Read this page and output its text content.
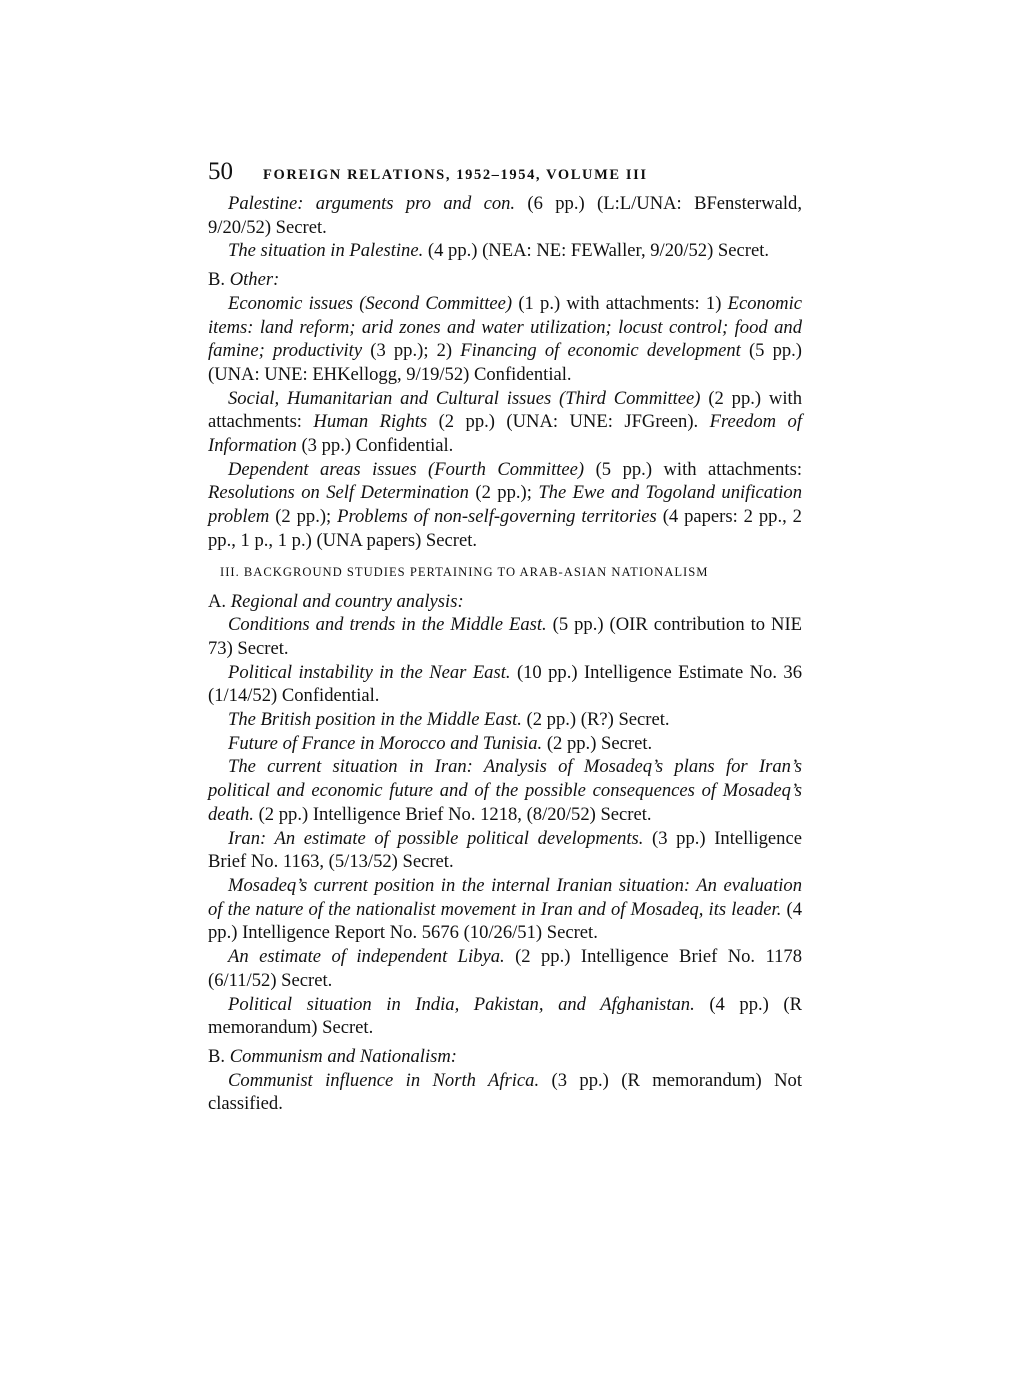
50	FOREIGN RELATIONS, 1952–1954, VOLUME III

Palestine: arguments pro and con. (6 pp.) (L:L/UNA: BFensterwald, 9/20/52) Secret.

The situation in Palestine. (4 pp.) (NEA: NE: FEWaller, 9/20/52) Secret.

B. Other:

Economic issues (Second Committee) (1 p.) with attachments: 1) Economic items: land reform; arid zones and water utilization; locust control; food and famine; productivity (3 pp.); 2) Financing of economic development (5 pp.) (UNA: UNE: EHKellogg, 9/19/52) Confidential.

Social, Humanitarian and Cultural issues (Third Committee) (2 pp.) with attachments: Human Rights (2 pp.) (UNA: UNE: JFGreen). Freedom of Information (3 pp.) Confidential.

Dependent areas issues (Fourth Committee) (5 pp.) with attachments: Resolutions on Self Determination (2 pp.); The Ewe and Togoland unification problem (2 pp.); Problems of non-self-governing territories (4 papers: 2 pp., 2 pp., 1 p., 1 p.) (UNA papers) Secret.

III. BACKGROUND STUDIES PERTAINING TO ARAB-ASIAN NATIONALISM

A. Regional and country analysis:

Conditions and trends in the Middle East. (5 pp.) (OIR contribution to NIE 73) Secret.

Political instability in the Near East. (10 pp.) Intelligence Estimate No. 36 (1/14/52) Confidential.

The British position in the Middle East. (2 pp.) (R?) Secret.

Future of France in Morocco and Tunisia. (2 pp.) Secret.

The current situation in Iran: Analysis of Mosadeq’s plans for Iran’s political and economic future and of the possible consequences of Mosadeq’s death. (2 pp.) Intelligence Brief No. 1218, (8/20/52) Secret.

Iran: An estimate of possible political developments. (3 pp.) Intelligence Brief No. 1163, (5/13/52) Secret.

Mosadeq’s current position in the internal Iranian situation: An evaluation of the nature of the nationalist movement in Iran and of Mosadeq, its leader. (4 pp.) Intelligence Report No. 5676 (10/26/51) Secret.

An estimate of independent Libya. (2 pp.) Intelligence Brief No. 1178 (6/11/52) Secret.

Political situation in India, Pakistan, and Afghanistan. (4 pp.) (R memorandum) Secret.

B. Communism and Nationalism:

Communist influence in North Africa. (3 pp.) (R memorandum) Not classified.
